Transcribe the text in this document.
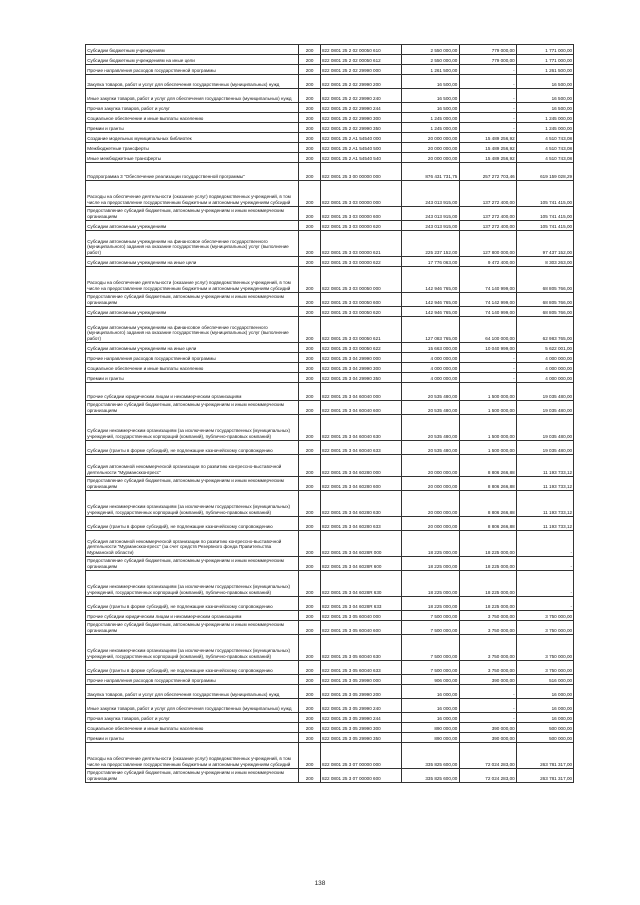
Субсидии бюджетным учреждениям	200	822 0801 25 2 02 00050 610	2 550 000,00	779 000,00	1 771 000,00
Субсидии бюджетным учреждениям на иные цели	200	822 0801 25 2 02 00050 612	2 550 000,00	779 000,00	1 771 000,00
Прочие направления расходов государственной программы	200	822 0801 25 2 02 29990 000	1 261 500,00	-	1 261 500,00
Закупка товаров, работ и услуг для обеспечения государственных (муниципальных) нужд	200	822 0801 25 2 02 29990 200	16 500,00	-	16 500,00
Иные закупки товаров, работ и услуг для обеспечения государственных (муниципальных) нужд	200	822 0801 25 2 02 29990 240	16 500,00	-	16 500,00
Прочая закупка товаров, работ и услуг	200	822 0801 25 2 02 29990 244	16 500,00	-	16 500,00
Социальное обеспечение и иные выплаты населению	200	822 0801 25 2 02 29990 300	1 245 000,00	-	1 245 000,00
Премии и гранты	200	822 0801 25 2 02 29990 350	1 245 000,00	-	1 245 000,00
Создание модельных муниципальных библиотек	200	822 0801 25 2 A1 54540 000	20 000 000,00	15 489 256,92	4 510 743,08
Межбюджетные трансферты	200	822 0801 25 2 A1 54540 500	20 000 000,00	15 489 256,92	4 510 743,08
Иные межбюджетные трансферты	200	822 0801 25 2 A1 54540 540	20 000 000,00	15 489 256,92	4 510 743,08
Подпрограмма 3 "Обеспечение реализации государственной программы"	200	822 0801 25 3 00 00000 000	876 431 731,75	257 272 703,46	619 159 028,29
Расходы на обеспечение деятельности (оказание услуг) подведомственных учреждений, в том числе на предоставление государственным бюджетным и автономным учреждениям субсидий	200	822 0801 25 3 03 00000 000	243 013 915,00	137 272 400,00	105 741 415,00
Предоставление субсидий бюджетным, автономным учреждениям и иным некоммерческим организациям	200	822 0801 25 3 03 00000 600	243 013 915,00	137 272 400,00	105 741 415,00
Субсидии автономным учреждениям	200	822 0801 25 3 03 00000 620	243 013 915,00	137 272 400,00	105 741 415,00
Субсидии автономным учреждениям на финансовое обеспечение государственного (муниципального) задания на оказание государственных (муниципальных) услуг (выполнение работ)	200	822 0801 25 3 03 00000 621	225 237 152,00	127 800 000,00	97 437 152,00
Субсидии автономным учреждениям на иные цели	200	822 0801 25 3 03 00000 622	17 776 063,00	9 472 400,00	8 303 263,00
Расходы на обеспечение деятельности (оказание услуг) подведомственных учреждений, в том числе на предоставление государственным бюджетным и автономным учреждениям субсидий	200	822 0801 25 3 03 00050 000	142 946 765,00	74 140 999,00	68 805 766,00
Предоставление субсидий бюджетным, автономным учреждениям и иным некоммерческим организациям	200	822 0801 25 3 03 00050 600	142 946 765,00	74 142 999,00	68 805 766,00
Субсидии автономным учреждениям	200	822 0801 25 3 03 00050 620	142 946 765,00	74 140 999,00	68 805 766,00
Субсидии автономным учреждениям на финансовое обеспечение государственного (муниципального) задания на оказание государственных (муниципальных) услуг (выполнение работ)	200	822 0801 25 3 03 00050 621	127 083 765,00	64 100 000,00	62 983 765,00
Субсидии автономным учреждениям на иные цели	200	822 0801 25 3 03 00050 622	15 663 000,00	10 040 999,00	5 622 001,00
Прочие направления расходов государственной программы	200	822 0801 25 3 04 29990 000	4 000 000,00	-	4 000 000,00
Социальное обеспечение и иные выплаты населению	200	822 0801 25 3 04 29990 300	4 000 000,00	-	4 000 000,00
Премии и гранты	200	822 0801 25 3 04 29990 350	4 000 000,00	-	4 000 000,00
Прочие субсидии юридическим лицам и некоммерческим организациям	200	822 0801 25 3 04 60040 000	20 535 480,00	1 500 000,00	19 035 480,00
Предоставление субсидий бюджетным, автономным учреждениям и иным некоммерческим организациям	200	822 0801 25 3 04 60040 600	20 535 480,00	1 500 000,00	19 035 480,00
Субсидии некоммерческим организациям (за исключением государственных (муниципальных) учреждений, государственных корпораций (компаний), публично-правовых компаний)	200	822 0801 25 3 04 60040 630	20 535 480,00	1 500 000,00	19 035 480,00
Субсидии (гранты в форме субсидий), не подлежащие казначейскому сопровождению	200	822 0801 25 3 04 60040 633	20 535 480,00	1 500 000,00	19 035 480,00
Субсидия автономной некоммерческой организации по развитию конгрессно-выставочной деятельности "Мурманскконгресс"	200	822 0801 25 3 04 60280 000	20 000 000,00	8 806 266,88	11 193 733,12
Предоставление субсидий бюджетным, автономным учреждениям и иным некоммерческим организациям	200	822 0801 25 3 04 60280 600	20 000 000,00	8 806 266,88	11 193 733,12
Субсидии некоммерческим организациям (за исключением государственных (муниципальных) учреждений, государственных корпораций (компаний), публично-правовых компаний)	200	822 0801 25 3 04 60280 630	20 000 000,00	8 806 266,88	11 193 733,12
Субсидии (гранты в форме субсидий), не подлежащие казначейскому сопровождению	200	822 0801 25 3 04 60280 633	20 000 000,00	8 806 266,88	11 193 733,12
Субсидия автономной некоммерческой организации по развитию конгрессно-выставочной деятельности "Мурманскконгресс" (за счет средств Резервного фонда Правительства Мурманской области)	200	822 0801 25 3 04 6028R 000	18 225 000,00	18 225 000,00	-
Предоставление субсидий бюджетным, автономным учреждениям и иным некоммерческим организациям	200	822 0801 25 3 04 6028R 600	18 225 000,00	18 225 000,00	-
Субсидии некоммерческим организациям (за исключением государственных (муниципальных) учреждений, государственных корпораций (компаний), публично-правовых компаний)	200	822 0801 25 3 04 6028R 630	18 225 000,00	18 225 000,00	-
Субсидии (гранты в форме субсидий), не подлежащие казначейскому сопровождению	200	822 0801 25 3 04 6028R 633	18 225 000,00	18 225 000,00	-
Прочие субсидии юридическим лицам и некоммерческим организациям	200	822 0801 25 3 05 60040 000	7 500 000,00	3 750 000,00	3 750 000,00
Предоставление субсидий бюджетным, автономным учреждениям и иным некоммерческим организациям	200	822 0801 25 3 05 60040 600	7 500 000,00	3 750 000,00	3 750 000,00
Субсидии некоммерческим организациям (за исключением государственных (муниципальных) учреждений, государственных корпораций (компаний), публично-правовых компаний)	200	822 0801 25 3 05 60040 630	7 500 000,00	3 750 000,00	3 750 000,00
Субсидии (гранты в форме субсидий), не подлежащие казначейскому сопровождению	200	822 0801 25 3 05 60040 633	7 500 000,00	3 750 000,00	3 750 000,00
Прочие направления расходов государственной программы	200	822 0801 25 3 05 29990 000	906 000,00	390 000,00	516 000,00
Закупка товаров, работ и услуг для обеспечения государственных (муниципальных) нужд	200	822 0801 25 3 05 29990 200	16 000,00	-	16 000,00
Иные закупки товаров, работ и услуг для обеспечения государственных (муниципальных) нужд	200	822 0801 25 3 05 29990 240	16 000,00	-	16 000,00
Прочая закупка товаров, работ и услуг	200	822 0801 25 3 05 29990 244	16 000,00	-	16 000,00
Социальное обеспечение и иные выплаты населению	200	822 0801 25 3 05 29990 300	890 000,00	390 000,00	500 000,00
Премии и гранты	200	822 0801 25 3 05 29990 350	890 000,00	390 000,00	500 000,00
Расходы на обеспечение деятельности (оказание услуг) подведомственных учреждений, в том числе на предоставление государственным бюджетным и автономным учреждениям субсидий	200	822 0801 25 3 07 00000 000	335 825 600,00	72 024 283,00	263 781 317,00
Предоставление субсидий бюджетным, автономным учреждениям и иным некоммерческим организациям	200	822 0801 25 3 07 00000 600	335 825 600,00	72 024 283,00	263 781 317,00
138
